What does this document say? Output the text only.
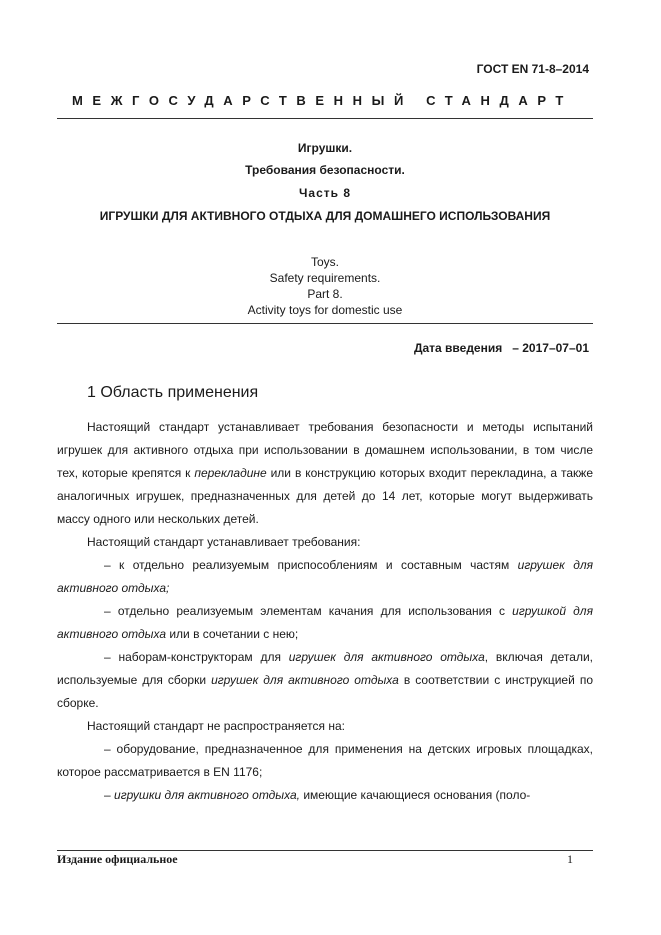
ГОСТ EN 71-8–2014
МЕЖГОСУДАРСТВЕННЫЙ СТАНДАРТ
Игрушки.
Требования безопасности.
Часть 8
ИГРУШКИ ДЛЯ АКТИВНОГО ОТДЫХА ДЛЯ ДОМАШНЕГО ИСПОЛЬЗОВАНИЯ
Toys.
Safety requirements.
Part 8.
Activity toys for domestic use
Дата введения – 2017–07–01
1 Область применения

Настоящий стандарт устанавливает требования безопасности и методы испытаний игрушек для активного отдыха при использовании в домашнем использовании, в том числе тех, которые крепятся к перекладине или в конструкцию которых входит перекладина, а также аналогичных игрушек, предназначенных для детей до 14 лет, которые могут выдерживать массу одного или нескольких детей.

Настоящий стандарт устанавливает требования:

– к отдельно реализуемым приспособлениям и составным частям игрушек для активного отдыха;

– отдельно реализуемым элементам качания для использования с игрушкой для активного отдыха или в сочетании с нею;

– наборам-конструкторам для игрушек для активного отдыха, включая детали, используемые для сборки игрушек для активного отдыха в соответствии с инструкцией по сборке.

Настоящий стандарт не распространяется на:

– оборудование, предназначенное для применения на детских игровых площадках, которое рассматривается в EN 1176;

– игрушки для активного отдыха, имеющие качающиеся основания (поло-

Издание официальное	1
